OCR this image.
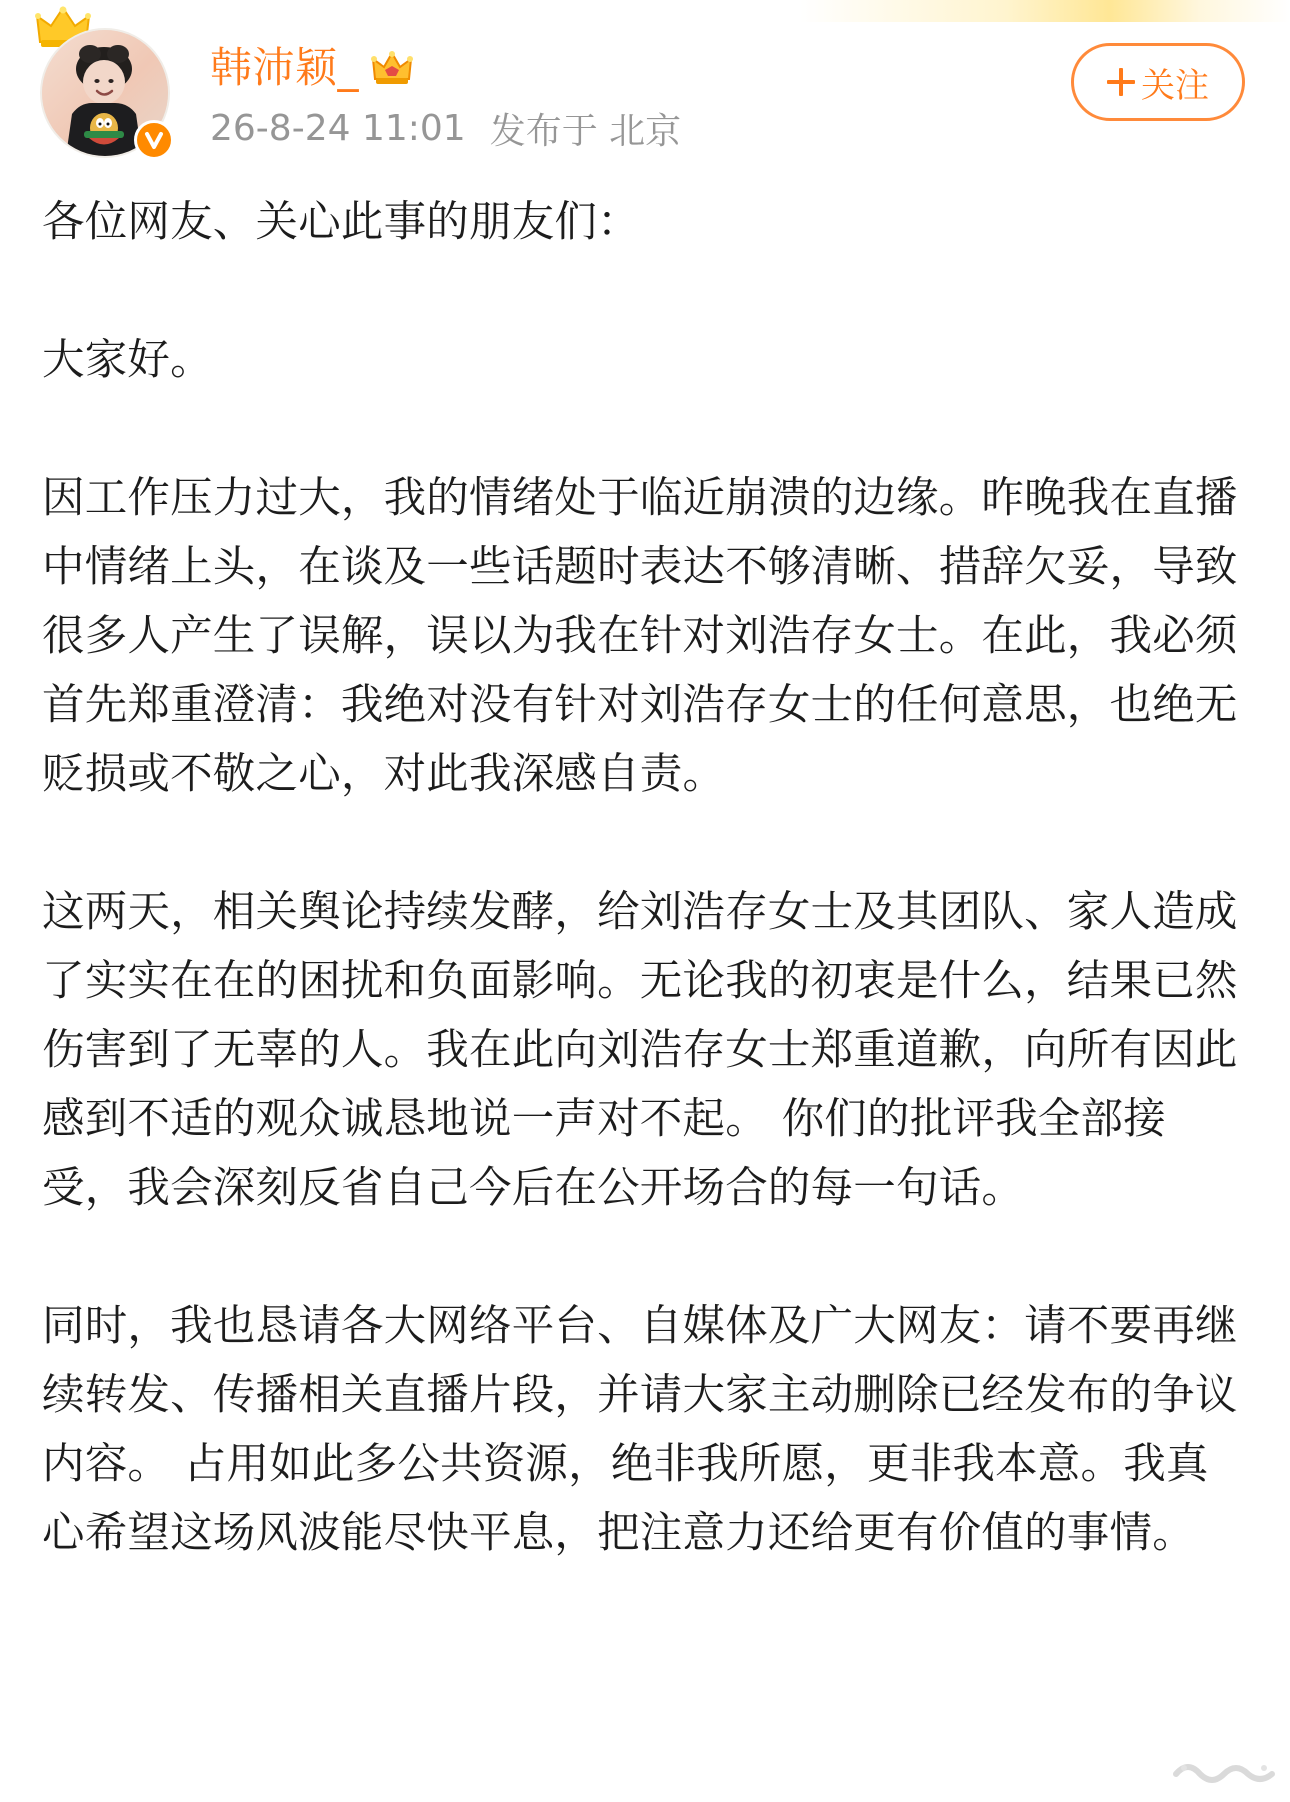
韩沛颖_
26-8-24 11:01 发布于 北京
关注

各位网友、关心此事的朋友们：

大家好。

因工作压力过大，我的情绪处于临近崩溃的边缘。昨晚我在直播中情绪上头，在谈及一些话题时表达不够清晰、措辞欠妥，导致很多人产生了误解，误以为我在针对刘浩存女士。在此，我必须首先郑重澄清：我绝对没有针对刘浩存女士的任何意思，也绝无贬损或不敬之心，对此我深感自责。

这两天，相关舆论持续发酵，给刘浩存女士及其团队、家人造成了实实在在的困扰和负面影响。无论我的初衷是什么，结果已然伤害到了无辜的人。我在此向刘浩存女士郑重道歉，向所有因此感到不适的观众诚恳地说一声对不起。 你们的批评我全部接受，我会深刻反省自己今后在公开场合的每一句话。

同时，我也恳请各大网络平台、自媒体及广大网友：请不要再继续转发、传播相关直播片段，并请大家主动删除已经发布的争议内容。 占用如此多公共资源，绝非我所愿，更非我本意。我真心希望这场风波能尽快平息，把注意力还给更有价值的事情。
